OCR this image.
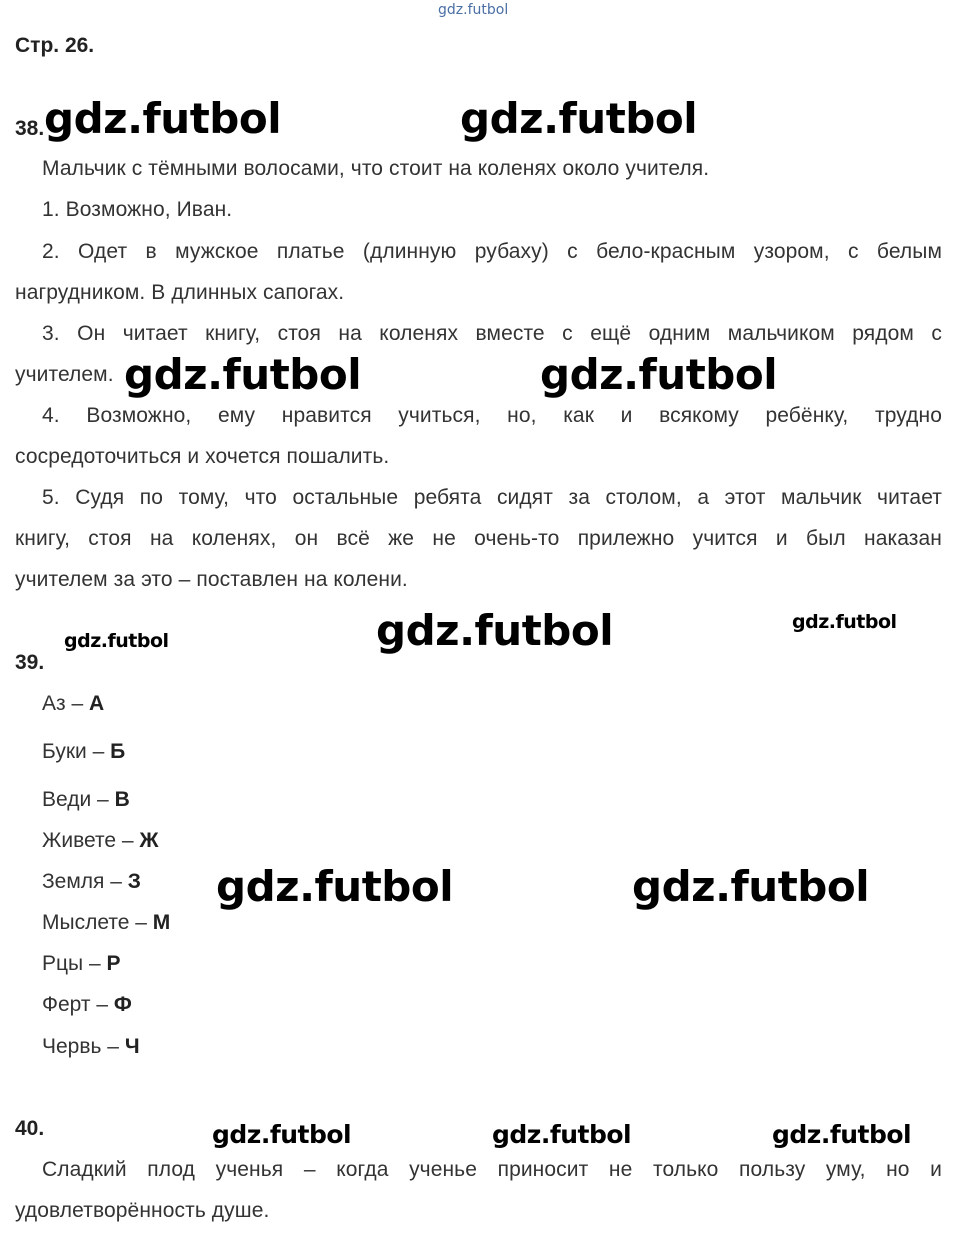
gdz.futbol
Стр. 26.
38. gdz.futbol	gdz.futbol
Мальчик с тёмными волосами, что стоит на коленях около учителя.
1. Возможно, Иван.
2. Одет в мужское платье (длинную рубаху) с бело-красным узором, с белым
нагрудником. В длинных сапогах.
3. Он читает книгу, стоя на коленях вместе с ещё одним мальчиком рядом с
учителем. gdz.futbol	gdz.futbol
4. Возможно, ему нравится учиться, но, как и всякому ребёнку, трудно
сосредоточиться и хочется пошалить.
5. Судя по тому, что остальные ребята сидят за столом, а этот мальчик читает
книгу, стоя на коленях, он всё же не очень-то прилежно учится и был наказан
учителем за это – поставлен на колени.
gdz.futbol	gdz.futbol	gdz.futbol
39.
Аз – А
Буки – Б
Веди – В
Живете – Ж
Земля – З gdz.futbol	gdz.futbol
Мыслете – М
Рцы – Р
Ферт – Ф
Червь – Ч
40.	gdz.futbol	gdz.futbol	gdz.futbol
Сладкий плод ученья – когда ученье приносит не только пользу уму, но и
удовлетворённость душе.
